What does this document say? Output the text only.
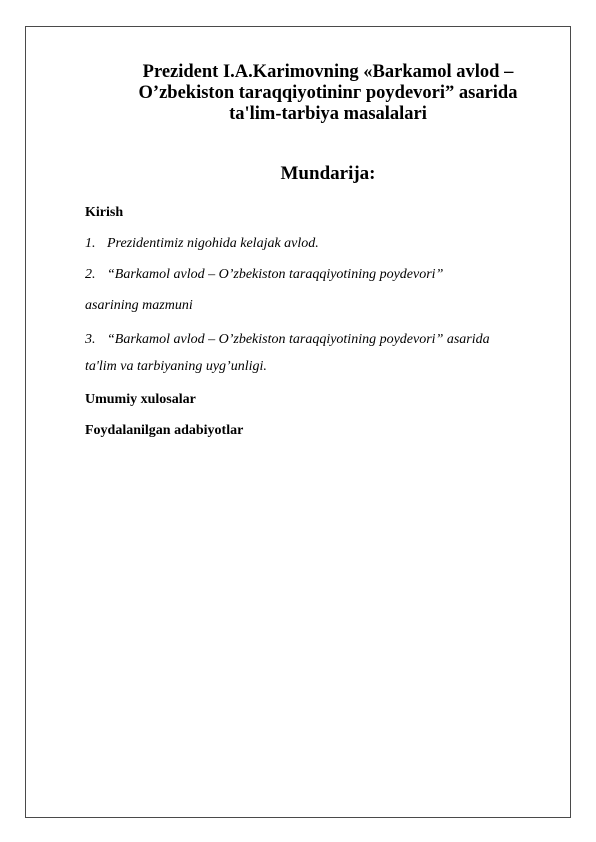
Prezident I.A.Karimovning «Barkamol avlod –
O’zbekiston taraqqiyotininг poydevori” asarida
ta'lim-tarbiya masalalari
Mundarija:
Kirish
1. Prezidentimiz nigohida kelajak avlod.
2. “Barkamol avlod – O’zbekiston taraqqiyotining poydevori”
asarining mazmuni
3. “Barkamol avlod – O’zbekiston taraqqiyotining poydevori” asarida
ta'lim va tarbiyaning uyg’unligi.
Umumiy xulosalar
Foydalanilgan adabiyotlar
